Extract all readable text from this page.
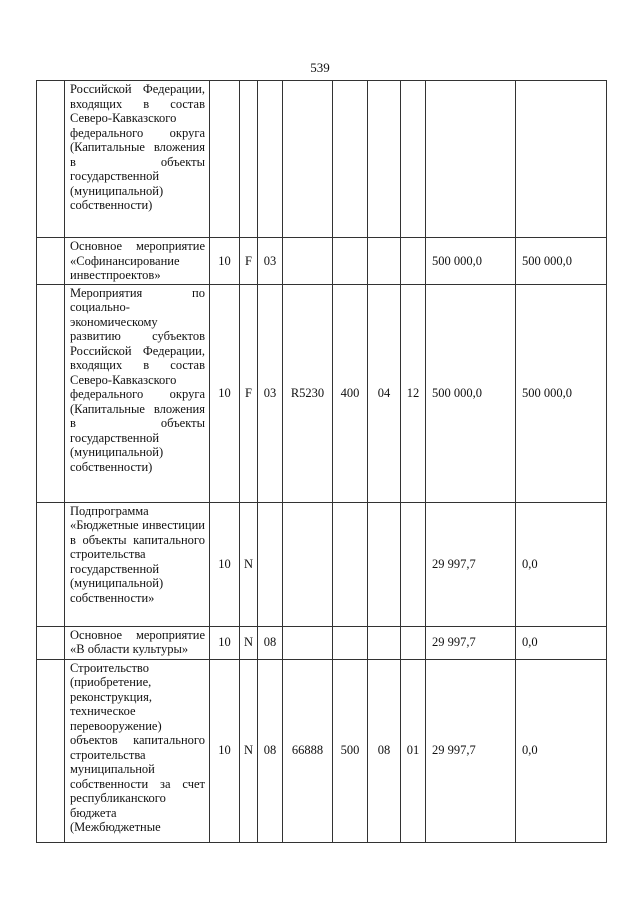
539
	Российской Федерации, входящих в состав Северо-Кавказского федерального округа (Капитальные вложения в объекты государственной (муниципальной) собственности)									
	Основное мероприятие «Софинансирование инвестпроектов»	10	F	03					500 000,0	500 000,0
	Мероприятия по социально-экономическому развитию субъектов Российской Федерации, входящих в состав Северо-Кавказского федерального округа (Капитальные вложения в объекты государственной (муниципальной) собственности)	10	F	03	R5230	400	04	12	500 000,0	500 000,0
	Подпрограмма «Бюджетные инвестиции в объекты капитального строительства государственной (муниципальной) собственности»	10	N						29 997,7	0,0
	Основное мероприятие «В области культуры»	10	N	08					29 997,7	0,0
	Строительство (приобретение, реконструкция, техническое перевооружение) объектов капитального строительства муниципальной собственности за счет республиканского бюджета (Межбюджетные	10	N	08	66888	500	08	01	29 997,7	0,0
